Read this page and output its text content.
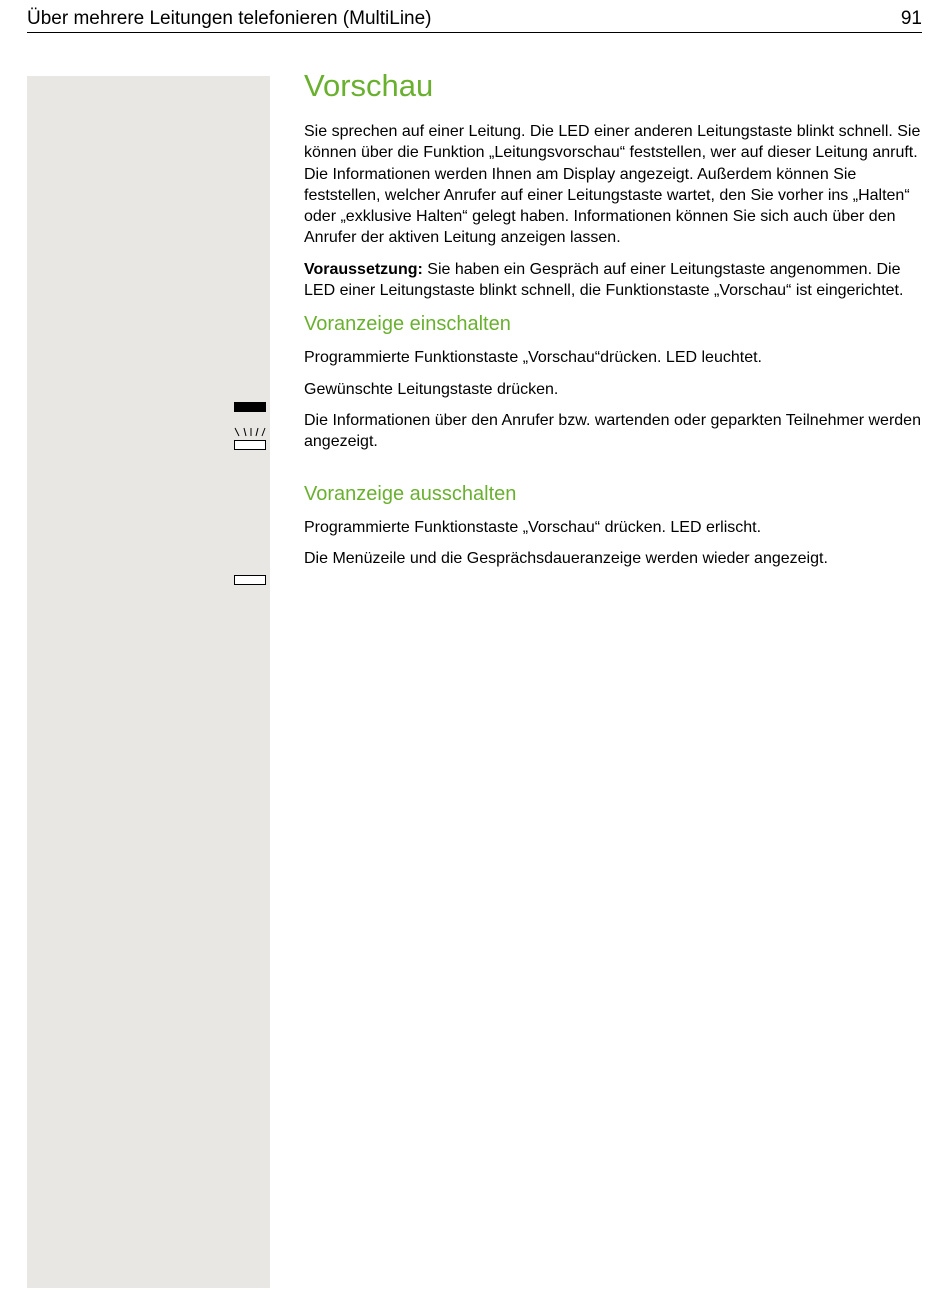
Über mehrere Leitungen telefonieren (MultiLine)	91
Vorschau

Sie sprechen auf einer Leitung. Die LED einer anderen Leitungstaste blinkt schnell. Sie können über die Funktion „Leitungsvorschau“ feststellen, wer auf dieser Leitung anruft. Die Informationen werden Ihnen am Display angezeigt. Außerdem können Sie feststellen, welcher Anrufer auf einer Leitungstaste wartet, den Sie vorher ins „Halten“ oder „exklusive Halten“ gelegt haben. Informationen können Sie sich auch über den Anrufer der aktiven Leitung anzeigen lassen.

Voraussetzung: Sie haben ein Gespräch auf einer Leitungstaste angenommen. Die LED einer Leitungstaste blinkt schnell, die Funktionstaste „Vorschau“ ist eingerichtet.

Voranzeige einschalten

Programmierte Funktionstaste „Vorschau“drücken. LED leuchtet.

Gewünschte Leitungstaste drücken.

Die Informationen über den Anrufer bzw. wartenden oder geparkten Teilnehmer werden angezeigt.

Voranzeige ausschalten

Programmierte Funktionstaste „Vorschau“ drücken. LED erlischt.

Die Menüzeile und die Gesprächsdaueranzeige werden wieder angezeigt.
